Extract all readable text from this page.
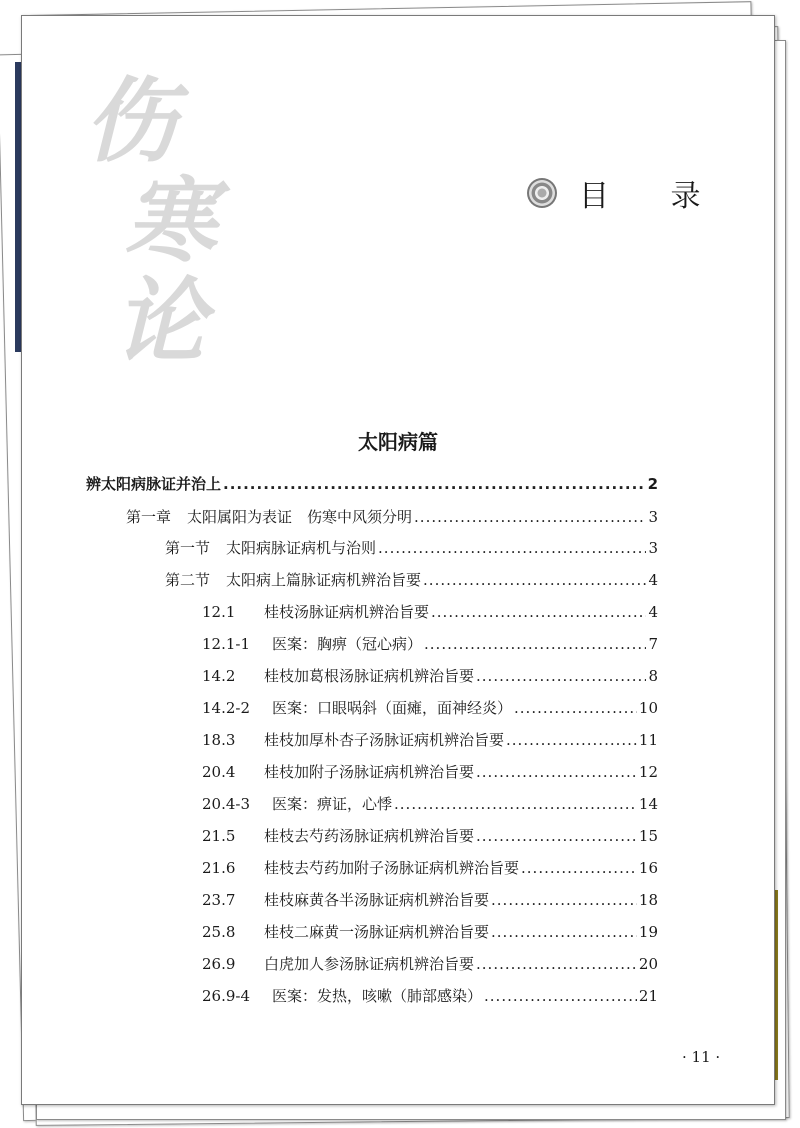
伤
寒
论
目 录
太阳病篇
辨太阳病脉证并治上 .....	2
第一章 太阳属阳为表证　伤寒中风须分明 .....	3
第一节 太阳病脉证病机与治则 .....	3
第二节 太阳病上篇脉证病机辨治旨要 .....	4
12.1	桂枝汤脉证病机辨治旨要 .....	4
12.1-1	医案：胸痹（冠心病） .....	7
14.2	桂枝加葛根汤脉证病机辨治旨要 .....	8
14.2-2	医案：口眼㖞斜（面瘫，面神经炎） .....	10
18.3	桂枝加厚朴杏子汤脉证病机辨治旨要 .....	11
20.4	桂枝加附子汤脉证病机辨治旨要 .....	12
20.4-3	医案：痹证，心悸 .....	14
21.5	桂枝去芍药汤脉证病机辨治旨要 .....	15
21.6	桂枝去芍药加附子汤脉证病机辨治旨要 .....	16
23.7	桂枝麻黄各半汤脉证病机辨治旨要 .....	18
25.8	桂枝二麻黄一汤脉证病机辨治旨要 .....	19
26.9	白虎加人参汤脉证病机辨治旨要 .....	20
26.9-4	医案：发热，咳嗽（肺部感染） .....	21
· 11 ·
